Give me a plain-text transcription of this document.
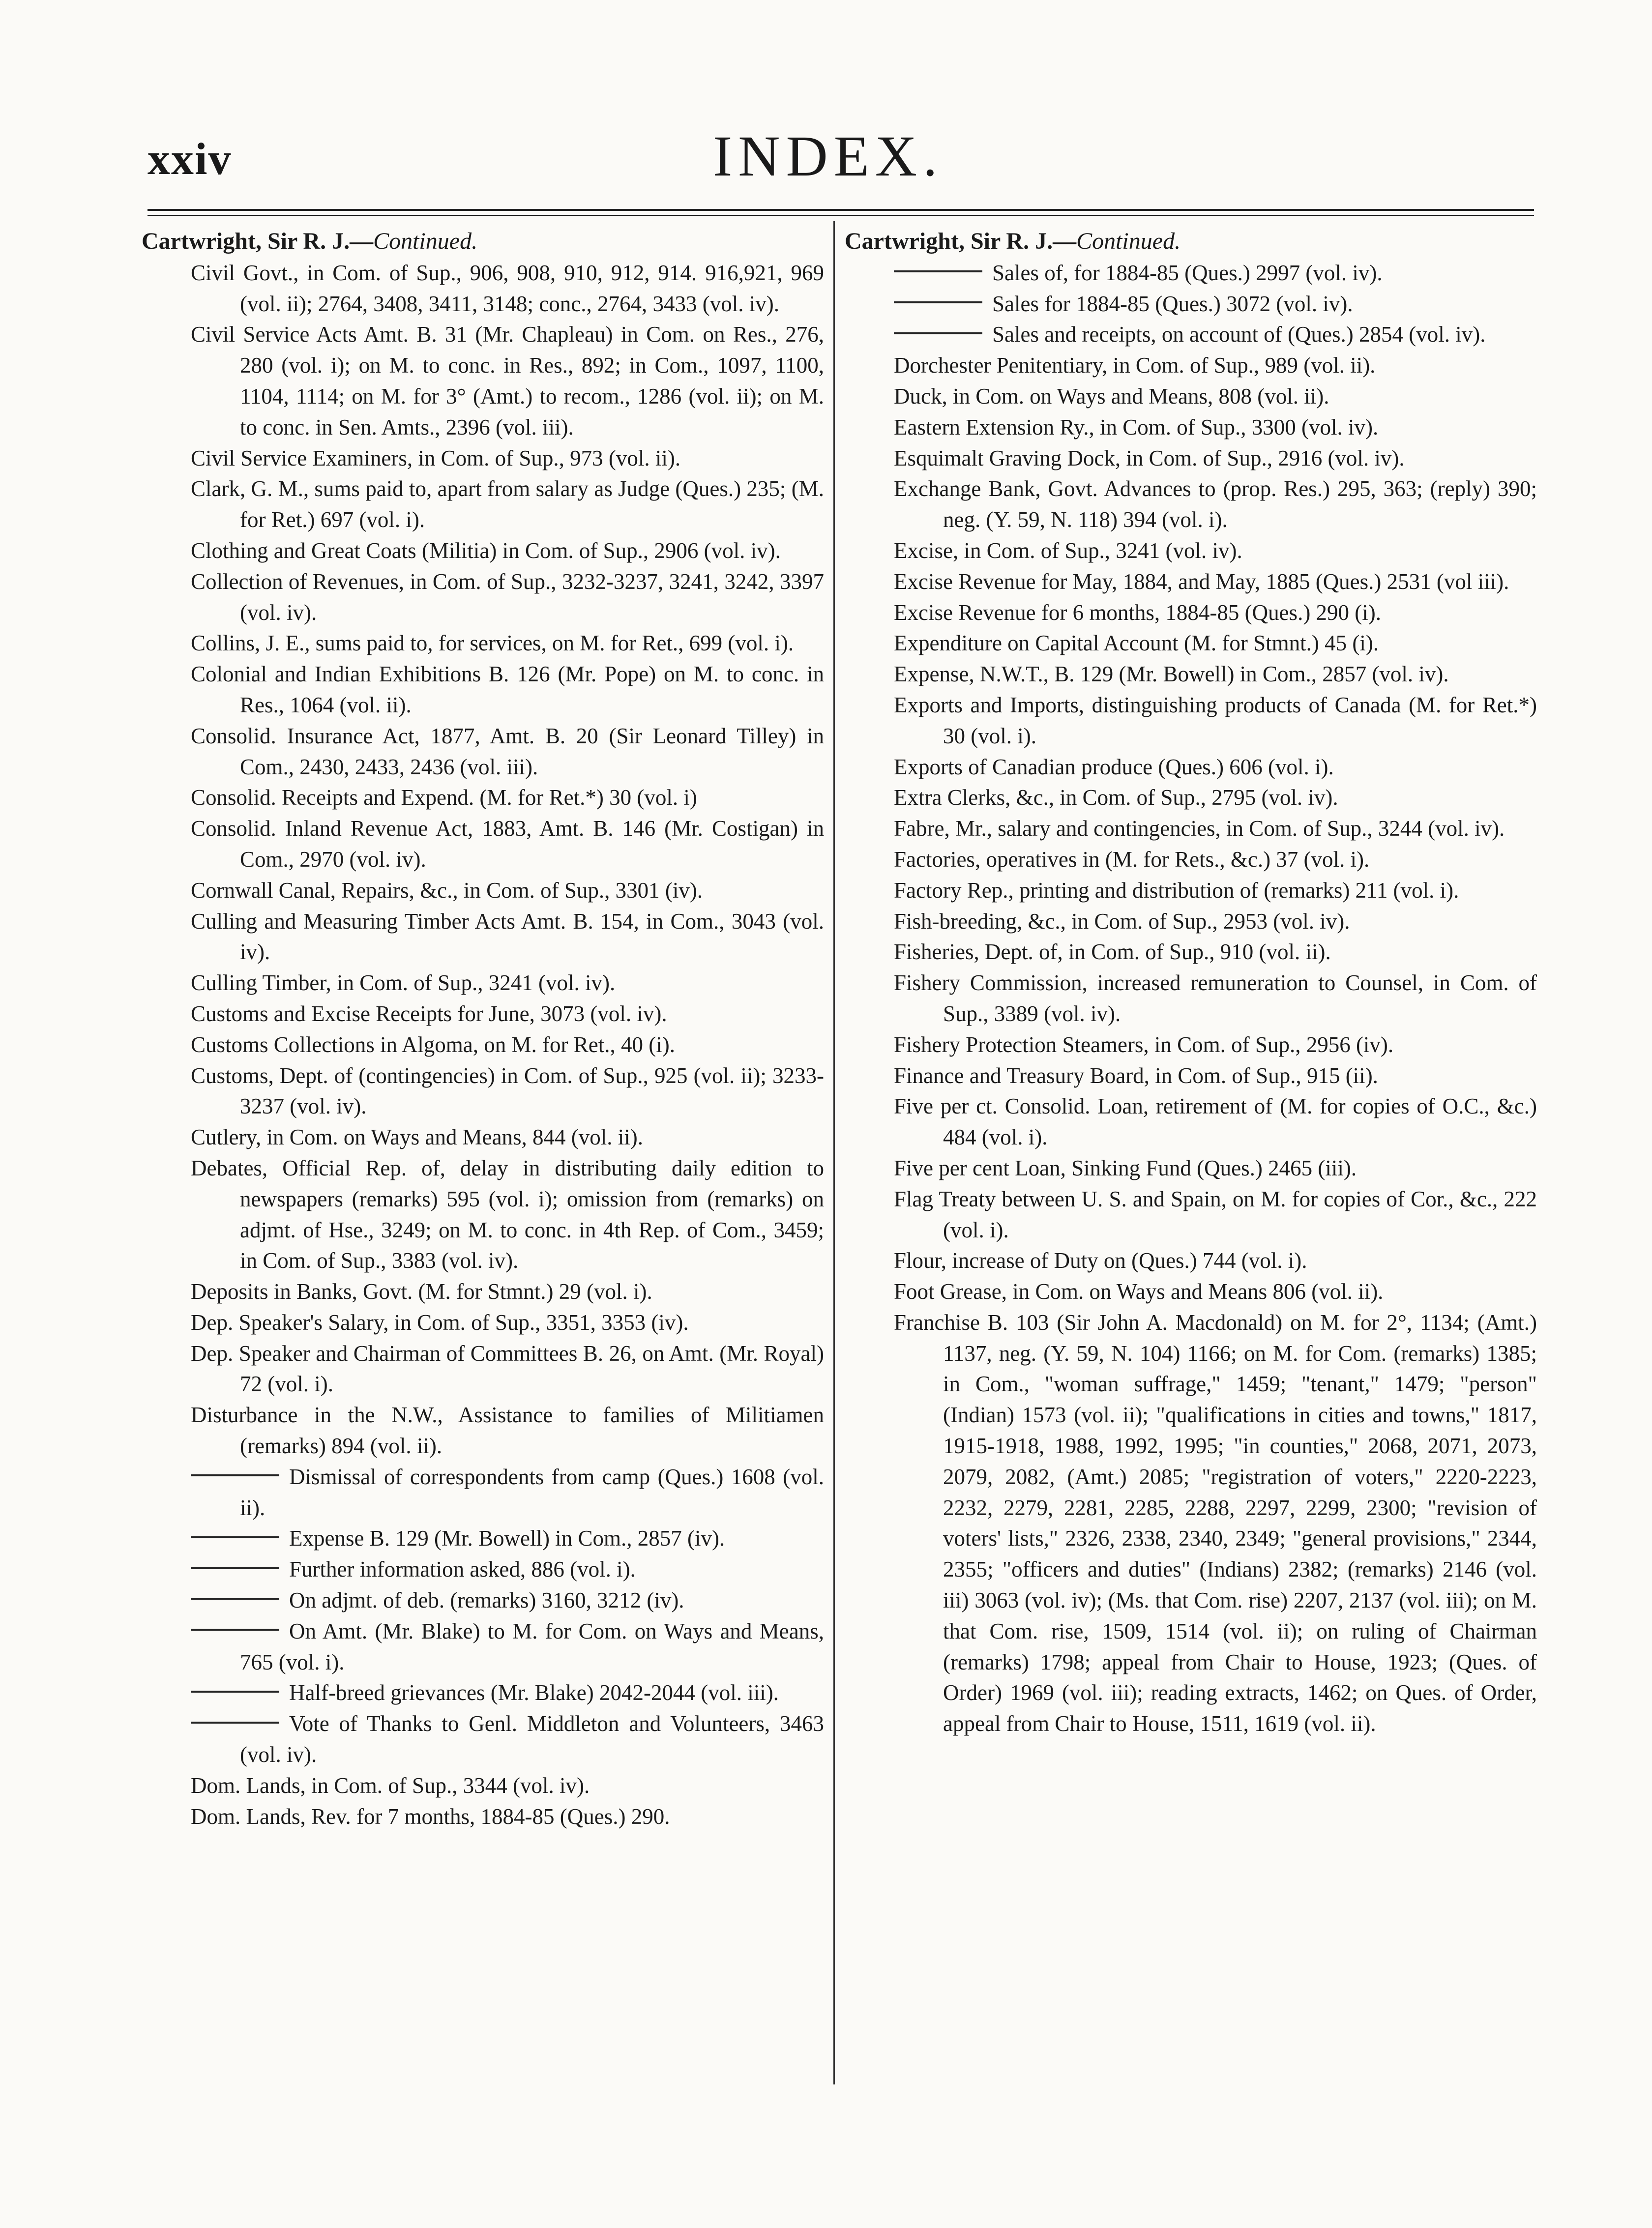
xxiv	INDEX.
Cartwright, Sir R. J.—Continued.
Civil Govt., in Com. of Sup., 906, 908, 910, 912, 914. 916,921, 969 (vol. ii); 2764, 3408, 3411, 3148; conc., 2764, 3433 (vol. iv).
Civil Service Acts Amt. B. 31 (Mr. Chapleau) in Com. on Res., 276, 280 (vol. i); on M. to conc. in Res., 892; in Com., 1097, 1100, 1104, 1114; on M. for 3° (Amt.) to recom., 1286 (vol. ii); on M. to conc. in Sen. Amts., 2396 (vol. iii).
Civil Service Examiners, in Com. of Sup., 973 (vol. ii).
Clark, G. M., sums paid to, apart from salary as Judge (Ques.) 235; (M. for Ret.) 697 (vol. i).
Clothing and Great Coats (Militia) in Com. of Sup., 2906 (vol. iv).
Collection of Revenues, in Com. of Sup., 3232-3237, 3241, 3242, 3397 (vol. iv).
Collins, J. E., sums paid to, for services, on M. for Ret., 699 (vol. i).
Colonial and Indian Exhibitions B. 126 (Mr. Pope) on M. to conc. in Res., 1064 (vol. ii).
Consolid. Insurance Act, 1877, Amt. B. 20 (Sir Leonard Tilley) in Com., 2430, 2433, 2436 (vol. iii).
Consolid. Receipts and Expend. (M. for Ret.*) 30 (vol. i)
Consolid. Inland Revenue Act, 1883, Amt. B. 146 (Mr. Costigan) in Com., 2970 (vol. iv).
Cornwall Canal, Repairs, &c., in Com. of Sup., 3301 (iv).
Culling and Measuring Timber Acts Amt. B. 154, in Com., 3043 (vol. iv).
Culling Timber, in Com. of Sup., 3241 (vol. iv).
Customs and Excise Receipts for June, 3073 (vol. iv).
Customs Collections in Algoma, on M. for Ret., 40 (i).
Customs, Dept. of (contingencies) in Com. of Sup., 925 (vol. ii); 3233-3237 (vol. iv).
Cutlery, in Com. on Ways and Means, 844 (vol. ii).
Debates, Official Rep. of, delay in distributing daily edition to newspapers (remarks) 595 (vol. i); omission from (remarks) on adjmt. of Hse., 3249; on M. to conc. in 4th Rep. of Com., 3459; in Com. of Sup., 3383 (vol. iv).
Deposits in Banks, Govt. (M. for Stmnt.) 29 (vol. i).
Dep. Speaker's Salary, in Com. of Sup., 3351, 3353 (iv).
Dep. Speaker and Chairman of Committees B. 26, on Amt. (Mr. Royal) 72 (vol. i).
Disturbance in the N.W., Assistance to families of Militiamen (remarks) 894 (vol. ii).
Dismissal of correspondents from camp (Ques.) 1608 (vol. ii).
Expense B. 129 (Mr. Bowell) in Com., 2857 (iv).
Further information asked, 886 (vol. i).
On adjmt. of deb. (remarks) 3160, 3212 (iv).
On Amt. (Mr. Blake) to M. for Com. on Ways and Means, 765 (vol. i).
Half-breed grievances (Mr. Blake) 2042-2044 (vol. iii).
Vote of Thanks to Genl. Middleton and Volunteers, 3463 (vol. iv).
Dom. Lands, in Com. of Sup., 3344 (vol. iv).
Dom. Lands, Rev. for 7 months, 1884-85 (Ques.) 290.
Cartwright, Sir R. J.—Continued.
Sales of, for 1884-85 (Ques.) 2997 (vol. iv).
Sales for 1884-85 (Ques.) 3072 (vol. iv).
Sales and receipts, on account of (Ques.) 2854 (vol. iv).
Dorchester Penitentiary, in Com. of Sup., 989 (vol. ii).
Duck, in Com. on Ways and Means, 808 (vol. ii).
Eastern Extension Ry., in Com. of Sup., 3300 (vol. iv).
Esquimalt Graving Dock, in Com. of Sup., 2916 (vol. iv).
Exchange Bank, Govt. Advances to (prop. Res.) 295, 363; (reply) 390; neg. (Y. 59, N. 118) 394 (vol. i).
Excise, in Com. of Sup., 3241 (vol. iv).
Excise Revenue for May, 1884, and May, 1885 (Ques.) 2531 (vol iii).
Excise Revenue for 6 months, 1884-85 (Ques.) 290 (i).
Expenditure on Capital Account (M. for Stmnt.) 45 (i).
Expense, N.W.T., B. 129 (Mr. Bowell) in Com., 2857 (vol. iv).
Exports and Imports, distinguishing products of Canada (M. for Ret.*) 30 (vol. i).
Exports of Canadian produce (Ques.) 606 (vol. i).
Extra Clerks, &c., in Com. of Sup., 2795 (vol. iv).
Fabre, Mr., salary and contingencies, in Com. of Sup., 3244 (vol. iv).
Factories, operatives in (M. for Rets., &c.) 37 (vol. i).
Factory Rep., printing and distribution of (remarks) 211 (vol. i).
Fish-breeding, &c., in Com. of Sup., 2953 (vol. iv).
Fisheries, Dept. of, in Com. of Sup., 910 (vol. ii).
Fishery Commission, increased remuneration to Counsel, in Com. of Sup., 3389 (vol. iv).
Fishery Protection Steamers, in Com. of Sup., 2956 (iv).
Finance and Treasury Board, in Com. of Sup., 915 (ii).
Five per ct. Consolid. Loan, retirement of (M. for copies of O.C., &c.) 484 (vol. i).
Five per cent Loan, Sinking Fund (Ques.) 2465 (iii).
Flag Treaty between U. S. and Spain, on M. for copies of Cor., &c., 222 (vol. i).
Flour, increase of Duty on (Ques.) 744 (vol. i).
Foot Grease, in Com. on Ways and Means 806 (vol. ii).
Franchise B. 103 (Sir John A. Macdonald) on M. for 2°, 1134; (Amt.) 1137, neg. (Y. 59, N. 104) 1166; on M. for Com. (remarks) 1385; in Com., "woman suffrage," 1459; "tenant," 1479; "person" (Indian) 1573 (vol. ii); "qualifications in cities and towns," 1817, 1915-1918, 1988, 1992, 1995; "in counties," 2068, 2071, 2073, 2079, 2082, (Amt.) 2085; "registration of voters," 2220-2223, 2232, 2279, 2281, 2285, 2288, 2297, 2299, 2300; "revision of voters' lists," 2326, 2338, 2340, 2349; "general provisions," 2344, 2355; "officers and duties" (Indians) 2382; (remarks) 2146 (vol. iii) 3063 (vol. iv); (Ms. that Com. rise) 2207, 2137 (vol. iii); on M. that Com. rise, 1509, 1514 (vol. ii); on ruling of Chairman (remarks) 1798; appeal from Chair to House, 1923; (Ques. of Order) 1969 (vol. iii); reading extracts, 1462; on Ques. of Order, appeal from Chair to House, 1511, 1619 (vol. ii).
